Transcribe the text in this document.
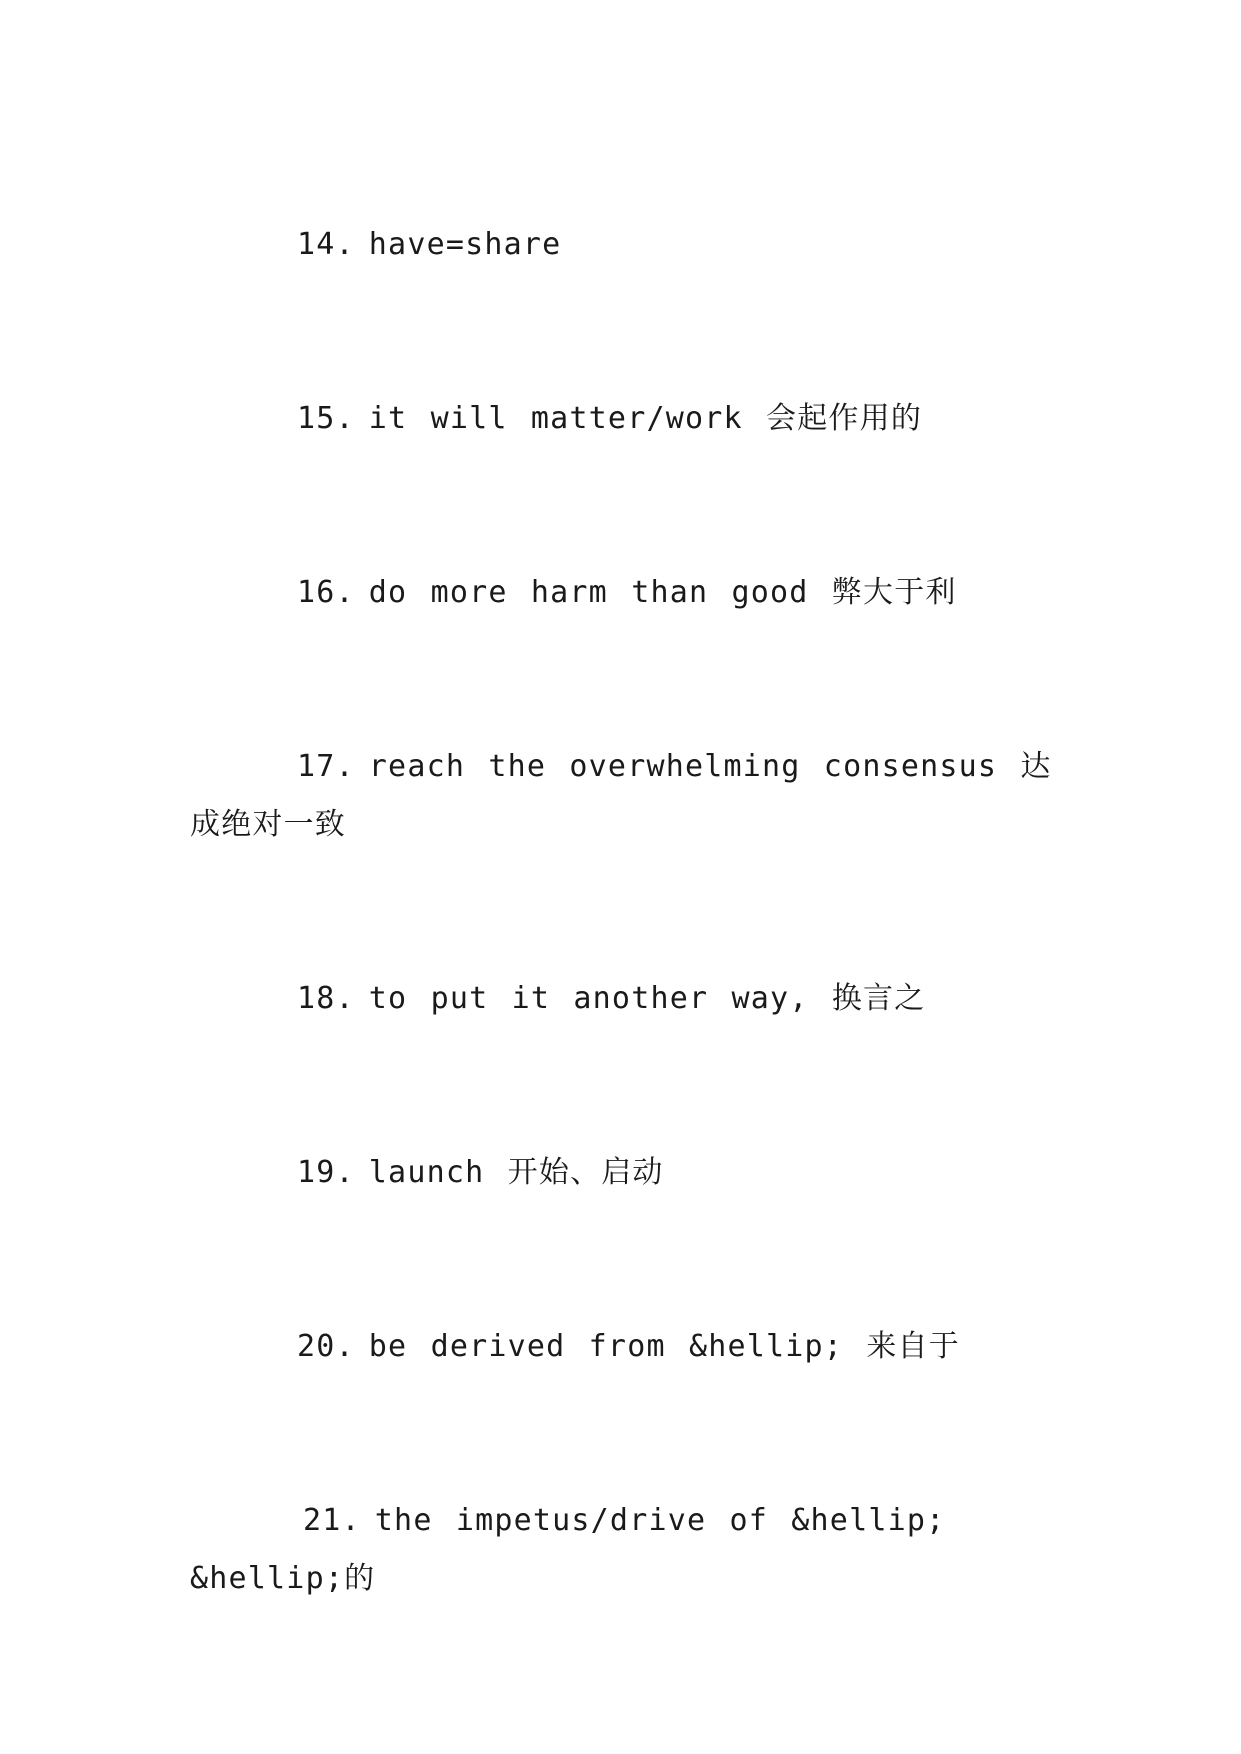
14. have=share
15. it will matter/work 会起作用的
16. do more harm than good 弊大于利
17. reach the overwhelming consensus 达成绝对一致
18. to put it another way, 换言之
19. launch 开始、启动
20. be derived from &hellip; 来自于
21. the impetus/drive of &hellip; &hellip;的
